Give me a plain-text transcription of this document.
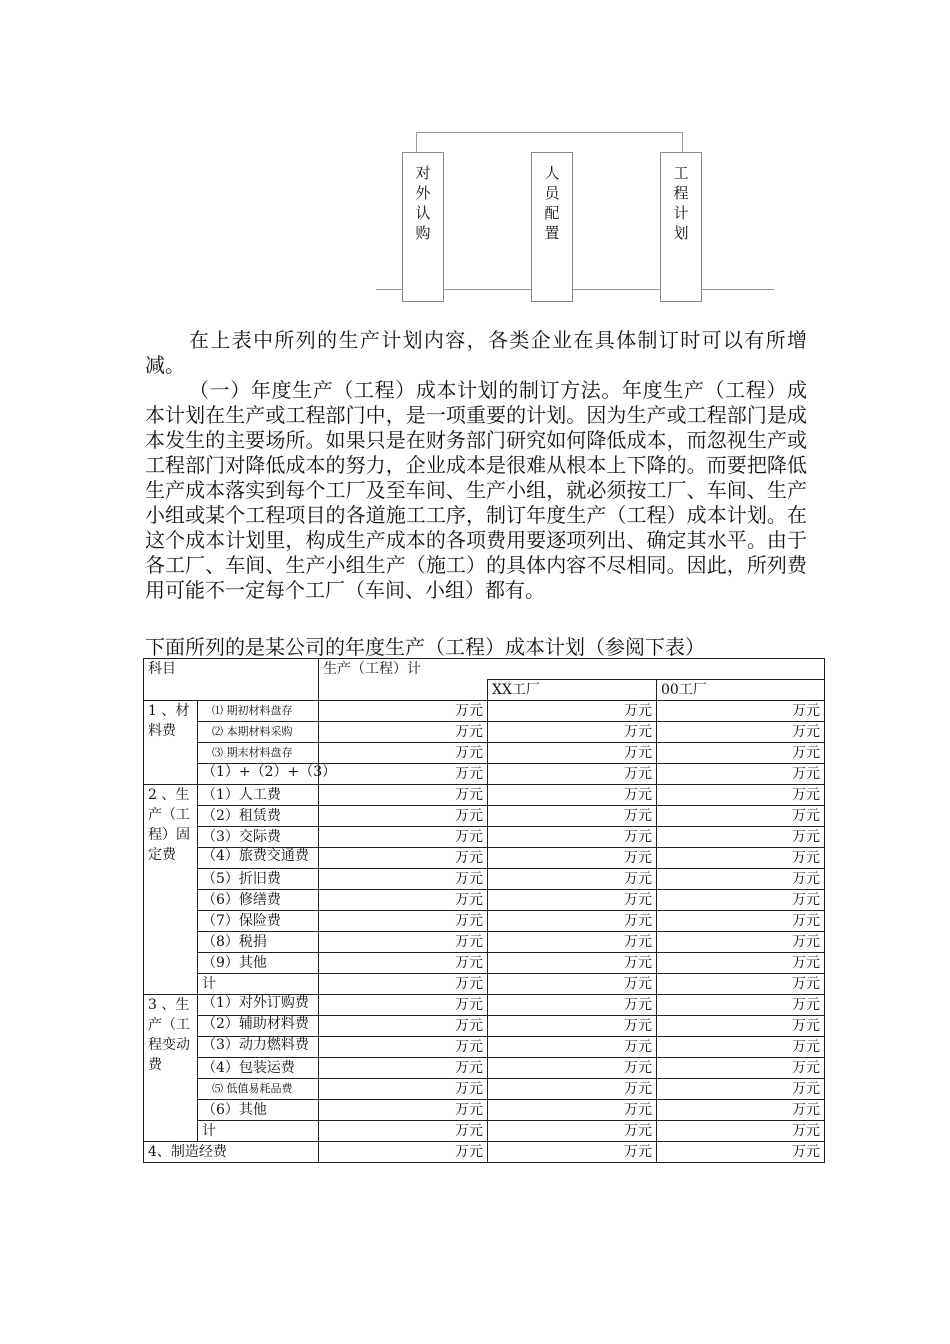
对
外
认
购
人
员
配
置
工
程
计
划
在上表中所列的生产计划内容，各类企业在具体制订时可以有所增减。
（一）年度生产（工程）成本计划的制订方法。年度生产（工程）成本计划在生产或工程部门中，是一项重要的计划。因为生产或工程部门是成本发生的主要场所。如果只是在财务部门研究如何降低成本，而忽视生产或工程部门对降低成本的努力，企业成本是很难从根本上下降的。而要把降低生产成本落实到每个工厂及至车间、生产小组，就必须按工厂、车间、生产小组或某个工程项目的各道施工工序，制订年度生产（工程）成本计划。在这个成本计划里，构成生产成本的各项费用要逐项列出、确定其水平。由于各工厂、车间、生产小组生产（施工）的具体内容不尽相同。因此，所列费用可能不一定每个工厂（车间、小组）都有。
下面所列的是某公司的年度生产（工程）成本计划（参阅下表）
科目		生产（工程）计		
			XX工厂	00工厂
1 、材料费	⑴ 期初材料盘存	万元	万元	万元
	⑵ 本期材料采购	万元	万元	万元
	⑶ 期末材料盘存	万元	万元	万元
	（1）+（2）+（3）	万元	万元	万元
2 、生产（工程）固定费	（1）人工费	万元	万元	万元
	（2）租赁费	万元	万元	万元
	（3）交际费	万元	万元	万元
	（4）旅费交通费	万元	万元	万元
	（5）折旧费	万元	万元	万元
	（6）修缮费	万元	万元	万元
	（7）保险费	万元	万元	万元
	（8）税捐	万元	万元	万元
	（9）其他	万元	万元	万元
	计	万元	万元	万元
3 、生产（工程变动费	（1）对外订购费	万元	万元	万元
	（2）辅助材料费	万元	万元	万元
	（3）动力燃料费	万元	万元	万元
	（4）包装运费	万元	万元	万元
	⑸ 低值易耗品费	万元	万元	万元
	（6）其他	万元	万元	万元
	计	万元	万元	万元
4、制造经费		万元	万元	万元
